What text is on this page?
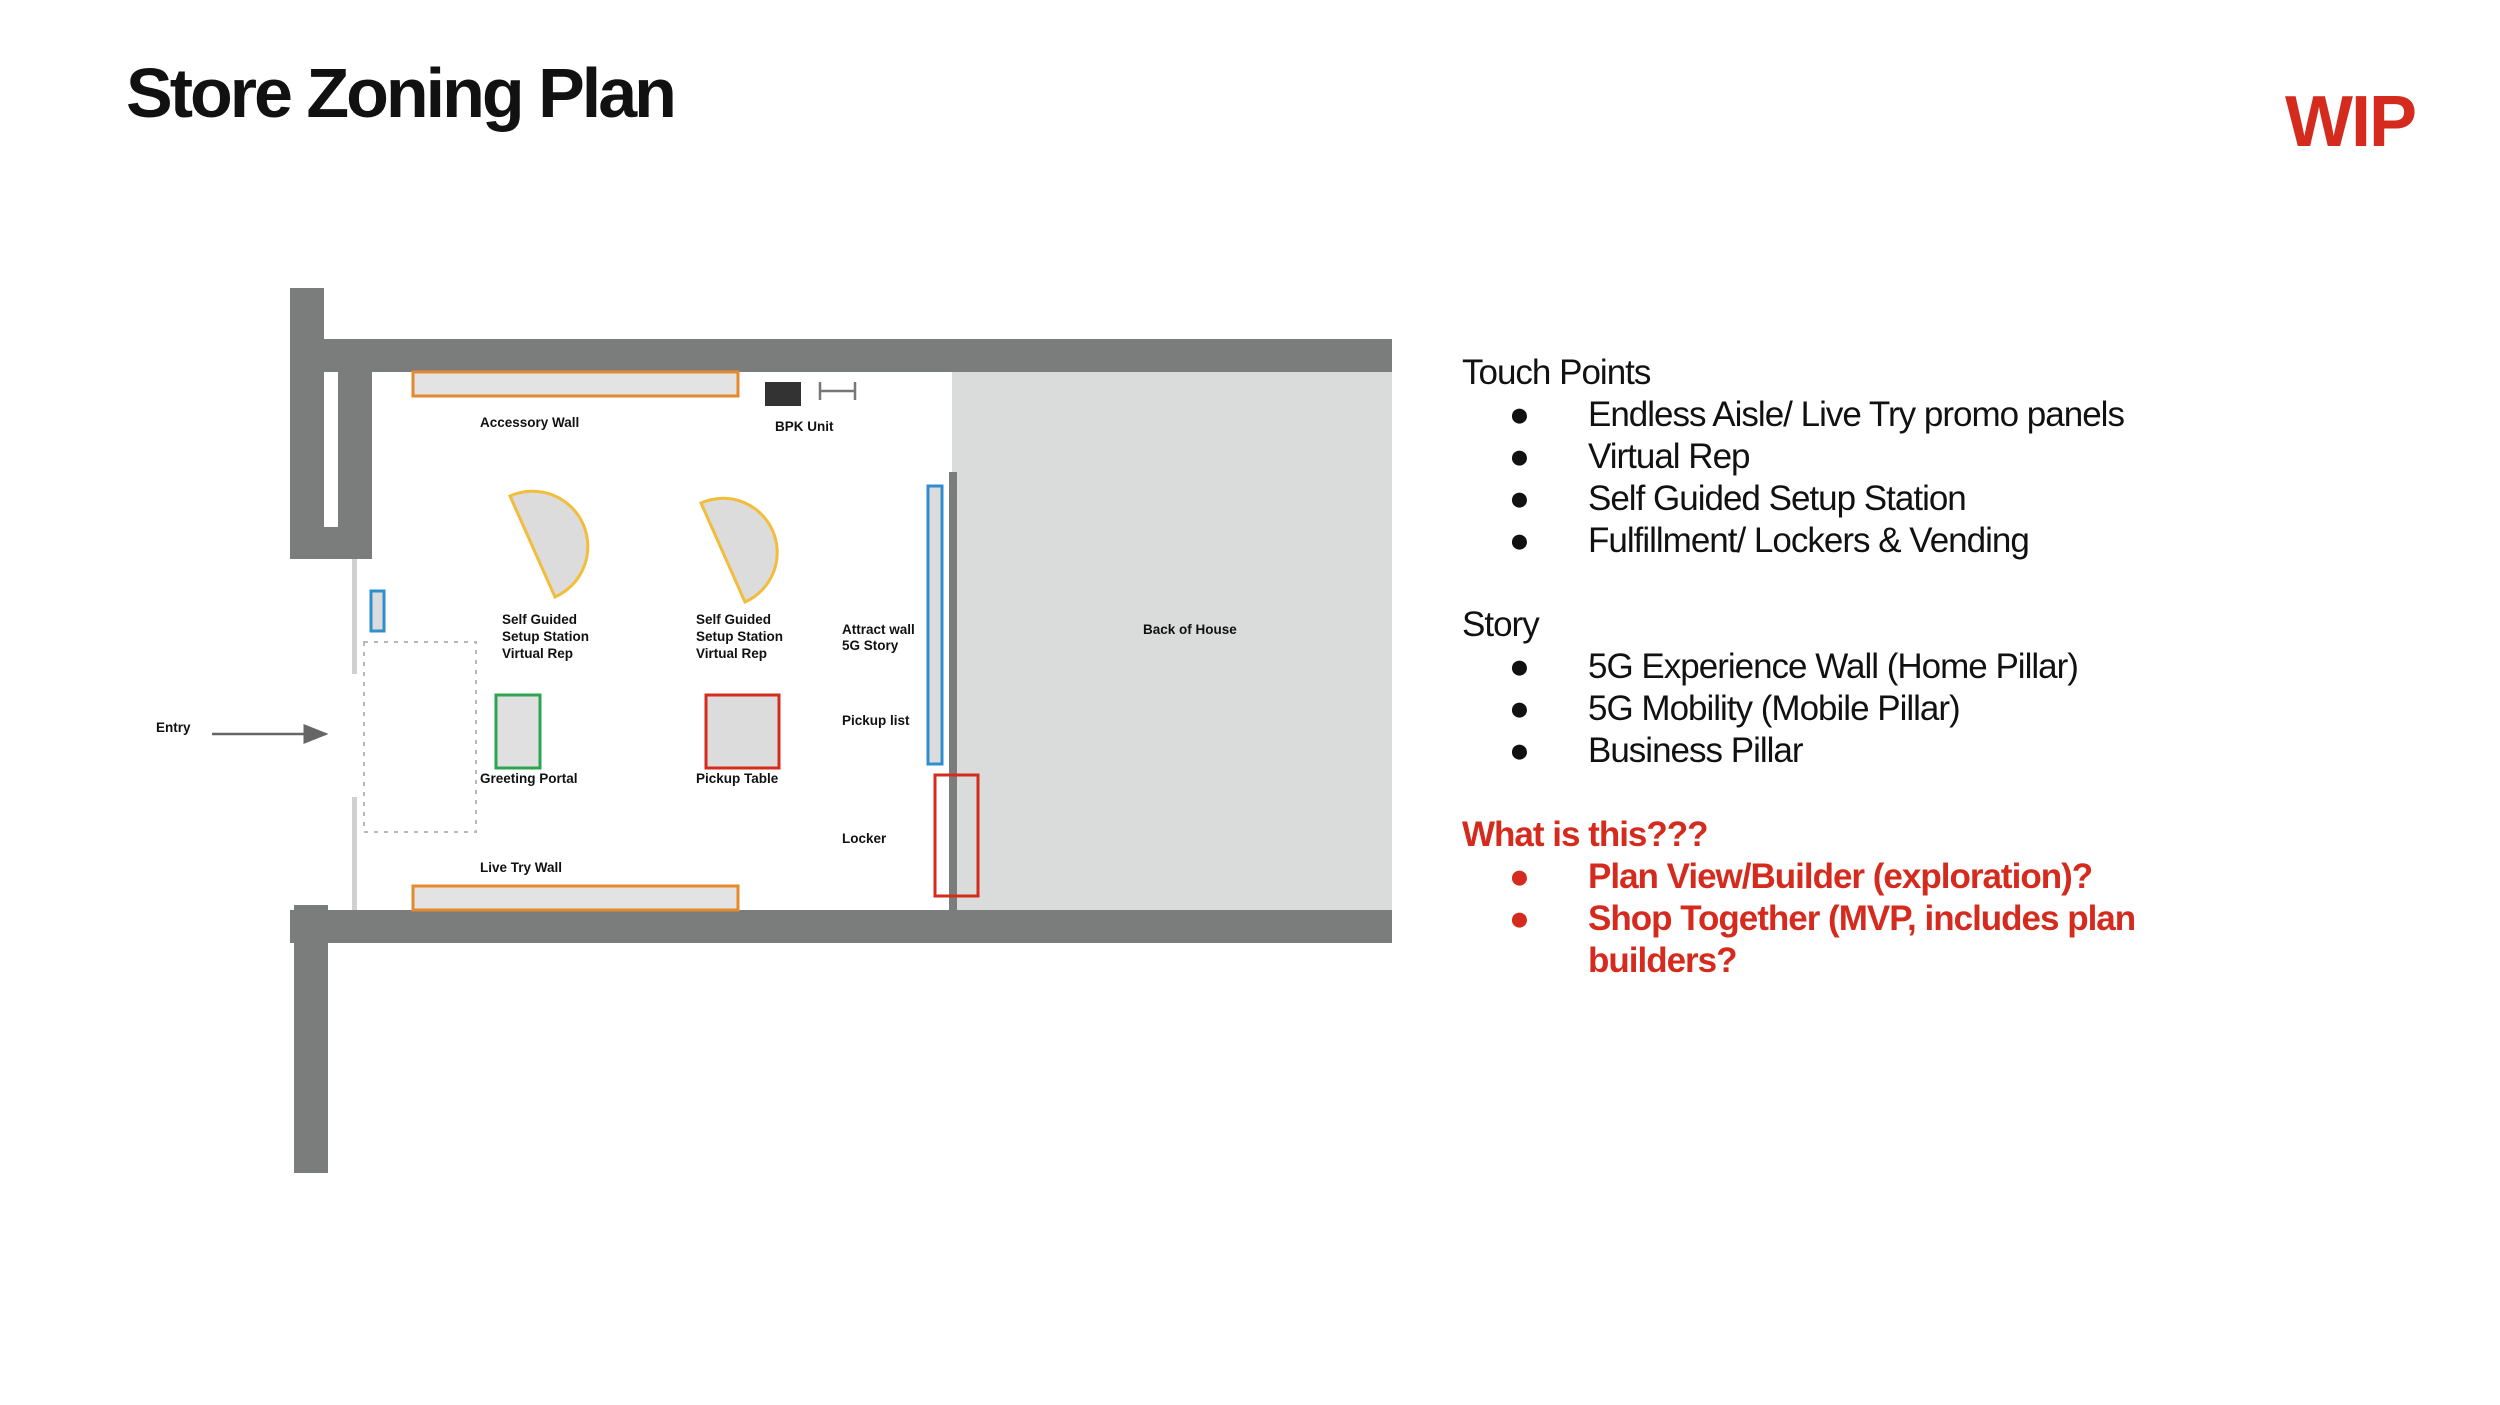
Store Zoning Plan	WIP
Accessory Wall	BPK Unit
Self Guided
Setup Station
Virtual Rep
Self Guided
Setup Station
Virtual Rep
Attract wall
5G Story
Pickup list
Locker
Back of House
Entry
Greeting Portal	Pickup Table
Live Try Wall
Touch Points
● Endless Aisle/ Live Try promo panels
● Virtual Rep
● Self Guided Setup Station
● Fulfillment/ Lockers & Vending
Story
● 5G Experience Wall (Home Pillar)
● 5G Mobility (Mobile Pillar)
● Business Pillar
What is this???
● Plan View/Builder (exploration)?
● Shop Together (MVP, includes plan builders?
